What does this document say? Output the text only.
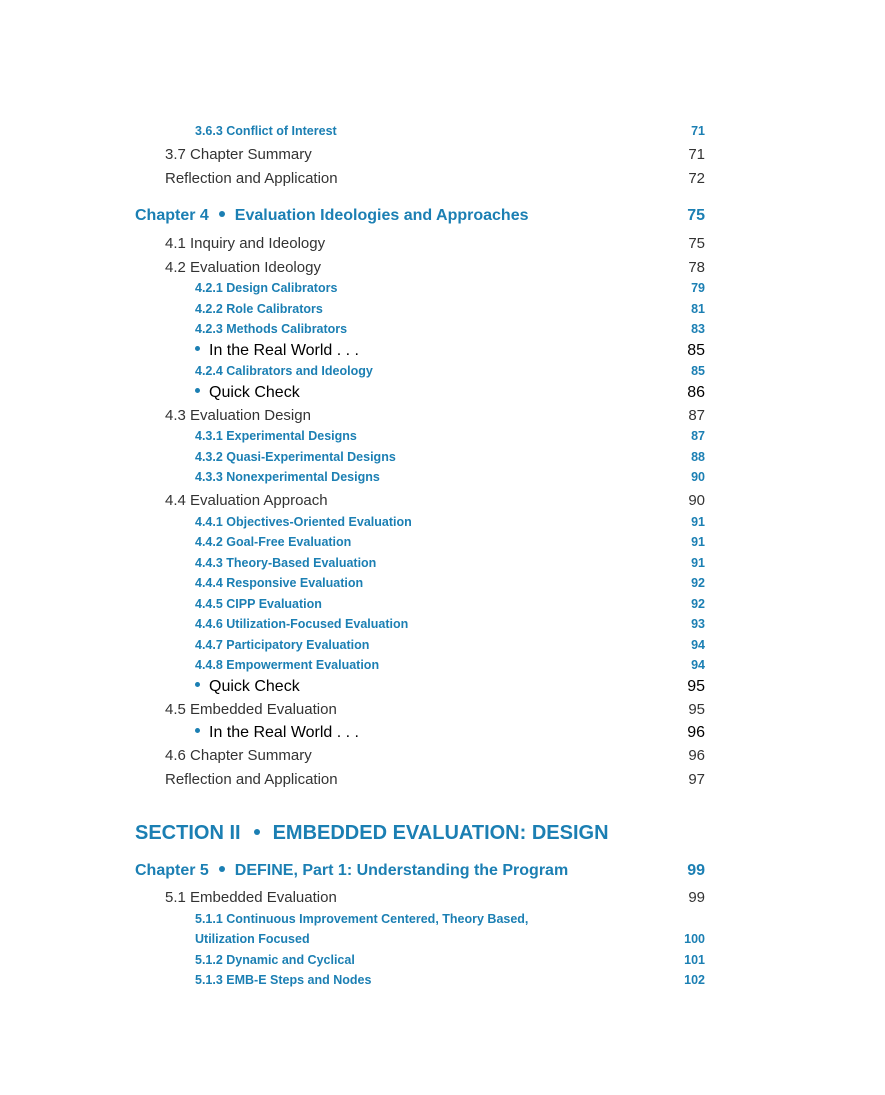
3.6.3 Conflict of Interest	71
3.7 Chapter Summary	71
Reflection and Application	72
Chapter 4 Evaluation Ideologies and Approaches	75
4.1 Inquiry and Ideology	75
4.2 Evaluation Ideology	78
4.2.1 Design Calibrators	79
4.2.2 Role Calibrators	81
4.2.3 Methods Calibrators	83
In the Real World . . .	85
4.2.4 Calibrators and Ideology	85
Quick Check	86
4.3 Evaluation Design	87
4.3.1 Experimental Designs	87
4.3.2 Quasi-Experimental Designs	88
4.3.3 Nonexperimental Designs	90
4.4 Evaluation Approach	90
4.4.1 Objectives-Oriented Evaluation	91
4.4.2 Goal-Free Evaluation	91
4.4.3 Theory-Based Evaluation	91
4.4.4 Responsive Evaluation	92
4.4.5 CIPP Evaluation	92
4.4.6 Utilization-Focused Evaluation	93
4.4.7 Participatory Evaluation	94
4.4.8 Empowerment Evaluation	94
Quick Check	95
4.5 Embedded Evaluation	95
In the Real World . . .	96
4.6 Chapter Summary	96
Reflection and Application	97
SECTION II EMBEDDED EVALUATION: DESIGN
Chapter 5 DEFINE, Part 1: Understanding the Program	99
5.1 Embedded Evaluation	99
5.1.1 Continuous Improvement Centered, Theory Based,
Utilization Focused	100
5.1.2 Dynamic and Cyclical	101
5.1.3 EMB-E Steps and Nodes	102
